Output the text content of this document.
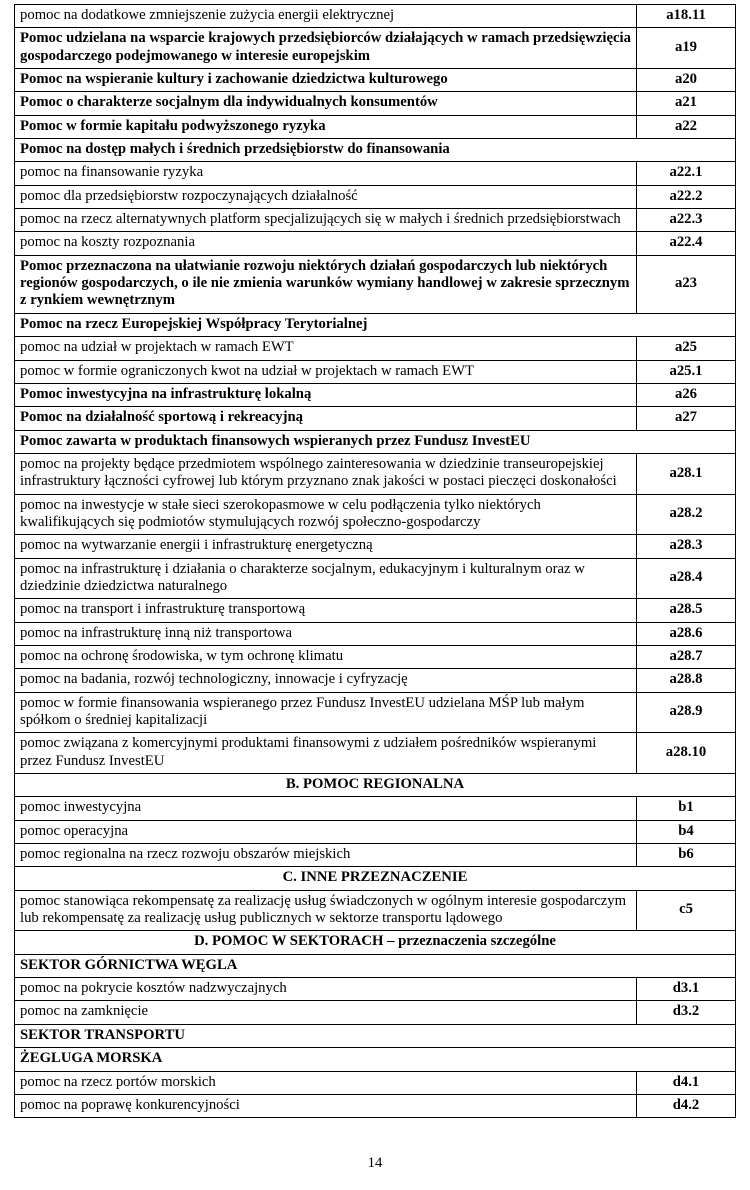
pomoc na dodatkowe zmniejszenie zużycia energii elektrycznej	a18.11
Pomoc udzielana na wsparcie krajowych przedsiębiorców działających w ramach przedsięwzięcia gospodarczego podejmowanego w interesie europejskim	a19
Pomoc na wspieranie kultury i zachowanie dziedzictwa kulturowego	a20
Pomoc o charakterze socjalnym dla indywidualnych konsumentów	a21
Pomoc w formie kapitału podwyższonego ryzyka	a22
Pomoc na dostęp małych i średnich przedsiębiorstw do finansowania	
pomoc na finansowanie ryzyka	a22.1
pomoc dla przedsiębiorstw rozpoczynających działalność	a22.2
pomoc na rzecz alternatywnych platform specjalizujących się w małych i średnich przedsiębiorstwach	a22.3
pomoc na koszty rozpoznania	a22.4
Pomoc przeznaczona na ułatwianie rozwoju niektórych działań gospodarczych lub niektórych regionów gospodarczych, o ile nie zmienia warunków wymiany handlowej w zakresie sprzecznym z rynkiem wewnętrznym	a23
Pomoc na rzecz Europejskiej Współpracy Terytorialnej	
pomoc na udział w projektach w ramach EWT	a25
pomoc w formie ograniczonych kwot na udział w projektach w ramach EWT	a25.1
Pomoc inwestycyjna na infrastrukturę lokalną	a26
Pomoc na działalność sportową i rekreacyjną	a27
Pomoc zawarta w produktach finansowych wspieranych przez Fundusz InvestEU	
pomoc na projekty będące przedmiotem wspólnego zainteresowania w dziedzinie transeuropejskiej infrastruktury łączności cyfrowej lub którym przyznano znak jakości w postaci pieczęci doskonałości	a28.1
pomoc na inwestycje w stałe sieci szerokopasmowe w celu podłączenia tylko niektórych kwalifikujących się podmiotów stymulujących rozwój społeczno-gospodarczy	a28.2
pomoc na wytwarzanie energii i infrastrukturę energetyczną	a28.3
pomoc na infrastrukturę i działania o charakterze socjalnym, edukacyjnym i kulturalnym oraz w dziedzinie dziedzictwa naturalnego	a28.4
pomoc na transport i infrastrukturę transportową	a28.5
pomoc na infrastrukturę inną niż transportowa	a28.6
pomoc na ochronę środowiska, w tym ochronę klimatu	a28.7
pomoc na badania, rozwój technologiczny, innowacje i cyfryzację	a28.8
pomoc w formie finansowania wspieranego przez Fundusz InvestEU udzielana MŚP lub małym spółkom o średniej kapitalizacji	a28.9
pomoc związana z komercyjnymi produktami finansowymi z udziałem pośredników wspieranymi przez Fundusz InvestEU	a28.10
B. POMOC REGIONALNA	
pomoc inwestycyjna	b1
pomoc operacyjna	b4
pomoc regionalna na rzecz rozwoju obszarów miejskich	b6
C. INNE PRZEZNACZENIE	
pomoc stanowiąca rekompensatę za realizację usług świadczonych w ogólnym interesie gospodarczym lub rekompensatę za realizację usług publicznych w sektorze transportu lądowego	c5
D. POMOC W SEKTORACH – przeznaczenia szczególne	
SEKTOR GÓRNICTWA WĘGLA	
pomoc na pokrycie kosztów nadzwyczajnych	d3.1
pomoc na zamknięcie	d3.2
SEKTOR TRANSPORTU	
ŻEGLUGA MORSKA	
pomoc na rzecz portów morskich	d4.1
pomoc na poprawę konkurencyjności	d4.2
14
